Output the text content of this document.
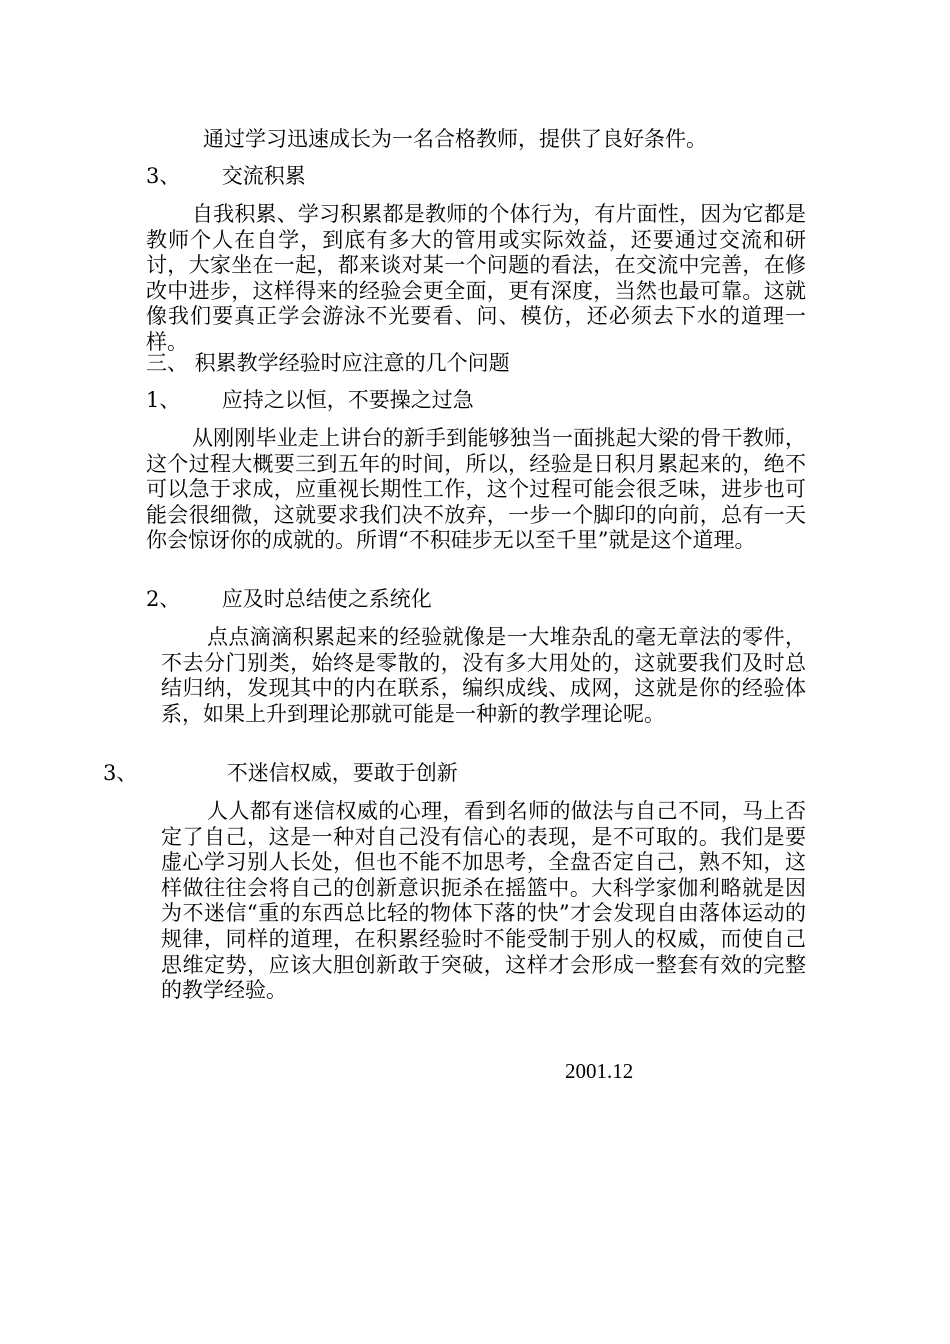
通过学习迅速成长为一名合格教师，提供了良好条件。

3、 交流积累

自我积累、学习积累都是教师的个体行为，有片面性，因为它都是教师个人在自学，到底有多大的管用或实际效益，还要通过交流和研讨，大家坐在一起，都来谈对某一个问题的看法，在交流中完善，在修改中进步，这样得来的经验会更全面，更有深度，当然也最可靠。这就像我们要真正学会游泳不光要看、问、模仿，还必须去下水的道理一样。

三、 积累教学经验时应注意的几个问题

1、 应持之以恒，不要操之过急

从刚刚毕业走上讲台的新手到能够独当一面挑起大梁的骨干教师，这个过程大概要三到五年的时间，所以，经验是日积月累起来的，绝不可以急于求成，应重视长期性工作，这个过程可能会很乏味，进步也可能会很细微，这就要求我们决不放弃，一步一个脚印的向前，总有一天你会惊讶你的成就的。所谓“不积硅步无以至千里”就是这个道理。

2、 应及时总结使之系统化

点点滴滴积累起来的经验就像是一大堆杂乱的毫无章法的零件，不去分门别类，始终是零散的，没有多大用处的，这就要我们及时总结归纳，发现其中的内在联系，编织成线、成网，这就是你的经验体系，如果上升到理论那就可能是一种新的教学理论呢。

3、	不迷信权威，要敢于创新

人人都有迷信权威的心理，看到名师的做法与自己不同，马上否定了自己，这是一种对自己没有信心的表现，是不可取的。我们是要虚心学习别人长处，但也不能不加思考，全盘否定自己，熟不知，这样做往往会将自己的创新意识扼杀在摇篮中。大科学家伽利略就是因为不迷信“重的东西总比轻的物体下落的快”才会发现自由落体运动的规律，同样的道理，在积累经验时不能受制于别人的权威，而使自己思维定势，应该大胆创新敢于突破，这样才会形成一整套有效的完整的教学经验。

2001.12
